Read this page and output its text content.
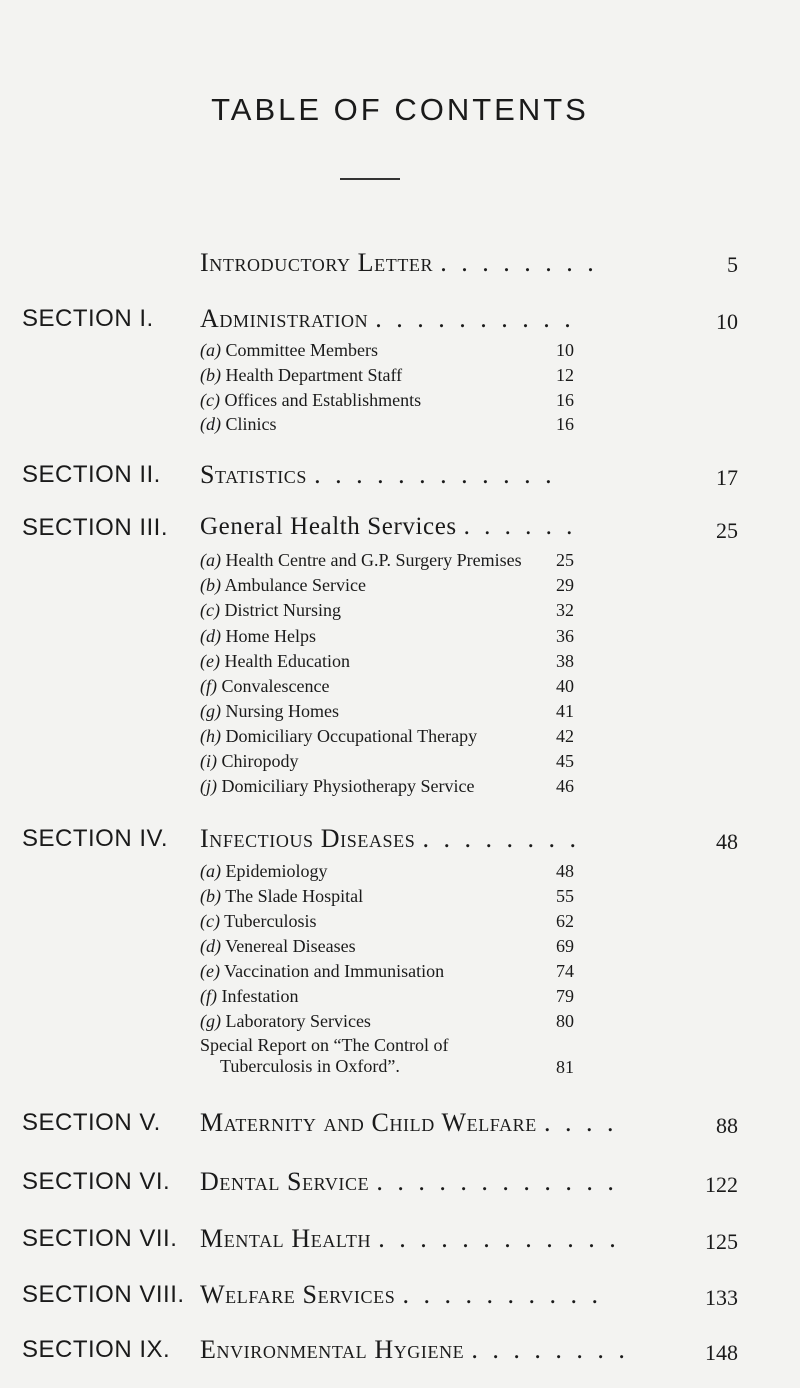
TABLE OF CONTENTS
Introductory Letter . . . . . . . .	5
SECTION I. Administration . . . . . . . . . .	10
(a) Committee Members	10
(b) Health Department Staff	12
(c) Offices and Establishments	16
(d) Clinics	16
SECTION II. Statistics . . . . . . . . . . . .	17
SECTION III. General Health Services . . . . . .	25
(a) Health Centre and G.P. Surgery Premises	25
(b) Ambulance Service	29
(c) District Nursing	32
(d) Home Helps	36
(e) Health Education	38
(f) Convalescence	40
(g) Nursing Homes	41
(h) Domiciliary Occupational Therapy	42
(i) Chiropody	45
(j) Domiciliary Physiotherapy Service	46
SECTION IV. Infectious Diseases . . . . . . . .	48
(a) Epidemiology	48
(b) The Slade Hospital	55
(c) Tuberculosis	62
(d) Venereal Diseases	69
(e) Vaccination and Immunisation	74
(f) Infestation	79
(g) Laboratory Services	80
Special Report on “The Control of
Tuberculosis in Oxford”.	81
SECTION V. Maternity and Child Welfare . . . .	88
SECTION VI. Dental Service . . . . . . . . . . . .	122
SECTION VII. Mental Health . . . . . . . . . . . .	125
SECTION VIII. Welfare Services . . . . . . . . . .	133
SECTION IX. Environmental Hygiene . . . . . . . .	148
